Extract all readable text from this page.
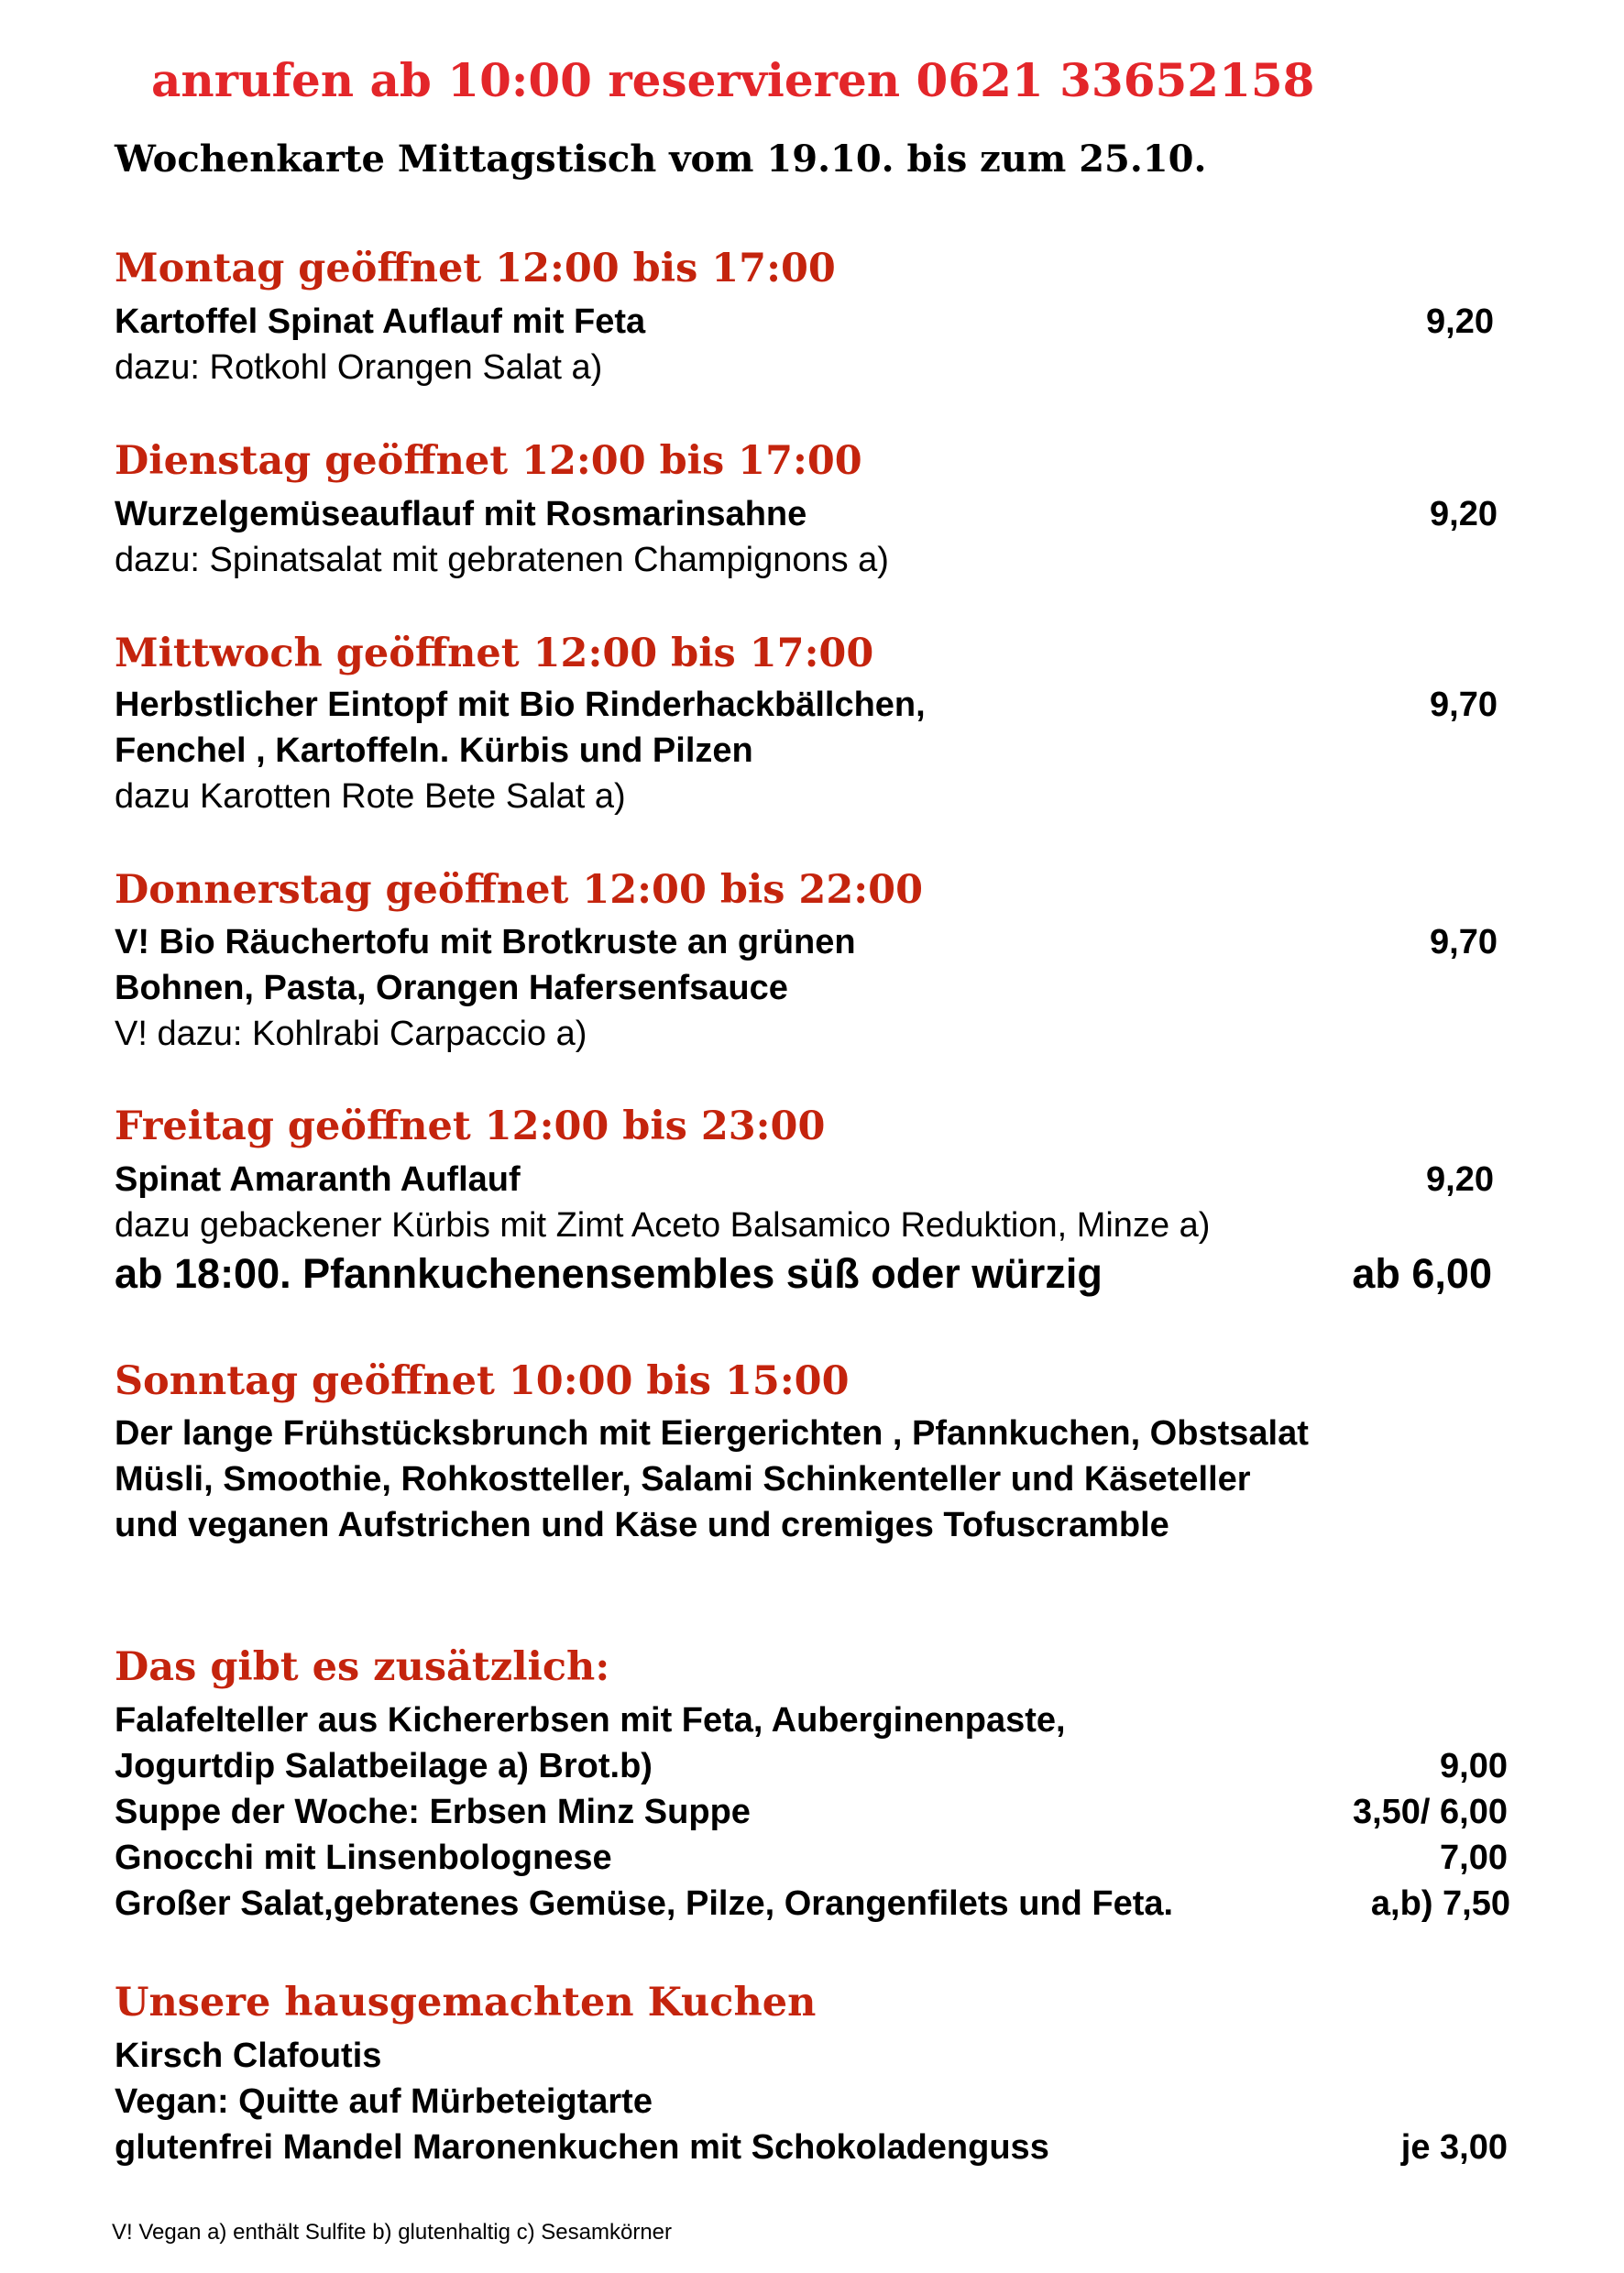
anrufen ab 10:00 reservieren 0621 33652158
Wochenkarte Mittagstisch vom 19.10. bis zum 25.10.
Montag geöffnet 12:00 bis 17:00
Kartoffel Spinat Auflauf mit Feta	9,20
dazu: Rotkohl Orangen Salat a)
Dienstag geöffnet 12:00 bis 17:00
Wurzelgemüseauflauf mit Rosmarinsahne	9,20
dazu: Spinatsalat mit gebratenen Champignons a)
Mittwoch geöffnet 12:00 bis 17:00
Herbstlicher Eintopf mit Bio Rinderhackbällchen,	9,70
Fenchel , Kartoffeln. Kürbis und Pilzen
dazu Karotten Rote Bete Salat a)
Donnerstag geöffnet 12:00 bis 22:00
V! Bio Räuchertofu mit Brotkruste an grünen	9,70
Bohnen, Pasta, Orangen Hafersenfsauce
V! dazu: Kohlrabi Carpaccio a)
Freitag geöffnet 12:00 bis 23:00
Spinat Amaranth Auflauf	9,20
dazu gebackener Kürbis mit Zimt Aceto Balsamico Reduktion, Minze a)
ab 18:00. Pfannkuchenensembles süß oder würzig	ab 6,00
Sonntag geöffnet 10:00 bis 15:00
Der lange Frühstücksbrunch mit Eiergerichten , Pfannkuchen, Obstsalat
Müsli, Smoothie, Rohkostteller, Salami Schinkenteller und Käseteller
und veganen Aufstrichen und Käse und cremiges Tofuscramble
Das gibt es zusätzlich:
Falafelteller aus Kichererbsen mit Feta, Auberginenpaste,
Jogurtdip Salatbeilage a) Brot.b)	9,00
Suppe der Woche: Erbsen Minz Suppe	3,50/ 6,00
Gnocchi mit Linsenbolognese	7,00
Großer Salat,gebratenes Gemüse, Pilze, Orangenfilets und Feta.	a,b) 7,50
Unsere hausgemachten Kuchen
Kirsch Clafoutis
Vegan: Quitte auf Mürbeteigtarte
glutenfrei Mandel Maronenkuchen mit Schokoladenguss	je 3,00
V! Vegan a) enthält Sulfite b) glutenhaltig c) Sesamkörner
